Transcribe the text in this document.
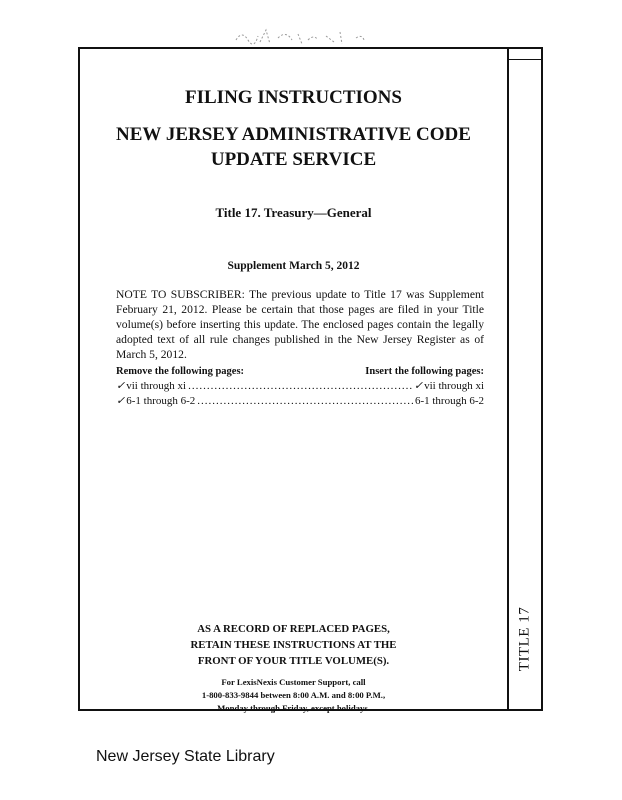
TITLE 17
FILING INSTRUCTIONS
NEW JERSEY ADMINISTRATIVE CODE
UPDATE SERVICE
Title 17. Treasury—General
Supplement March 5, 2012
NOTE TO SUBSCRIBER: The previous update to Title 17 was Supplement February 21, 2012. Please be certain that those pages are filed in your Title volume(s) before inserting this update. The enclosed pages contain the legally adopted text of all rule changes published in the New Jersey Register as of March 5, 2012.
Remove the following pages:	Insert the following pages:
✓ vii through xi .....	✓ vii through xi
✓ 6-1 through 6-2 .....	6-1 through 6-2
AS A RECORD OF REPLACED PAGES,
RETAIN THESE INSTRUCTIONS AT THE
FRONT OF YOUR TITLE VOLUME(S).
For LexisNexis Customer Support, call
1-800-833-9844 between 8:00 A.M. and 8:00 P.M.,
Monday through Friday, except holidays.
New Jersey State Library
